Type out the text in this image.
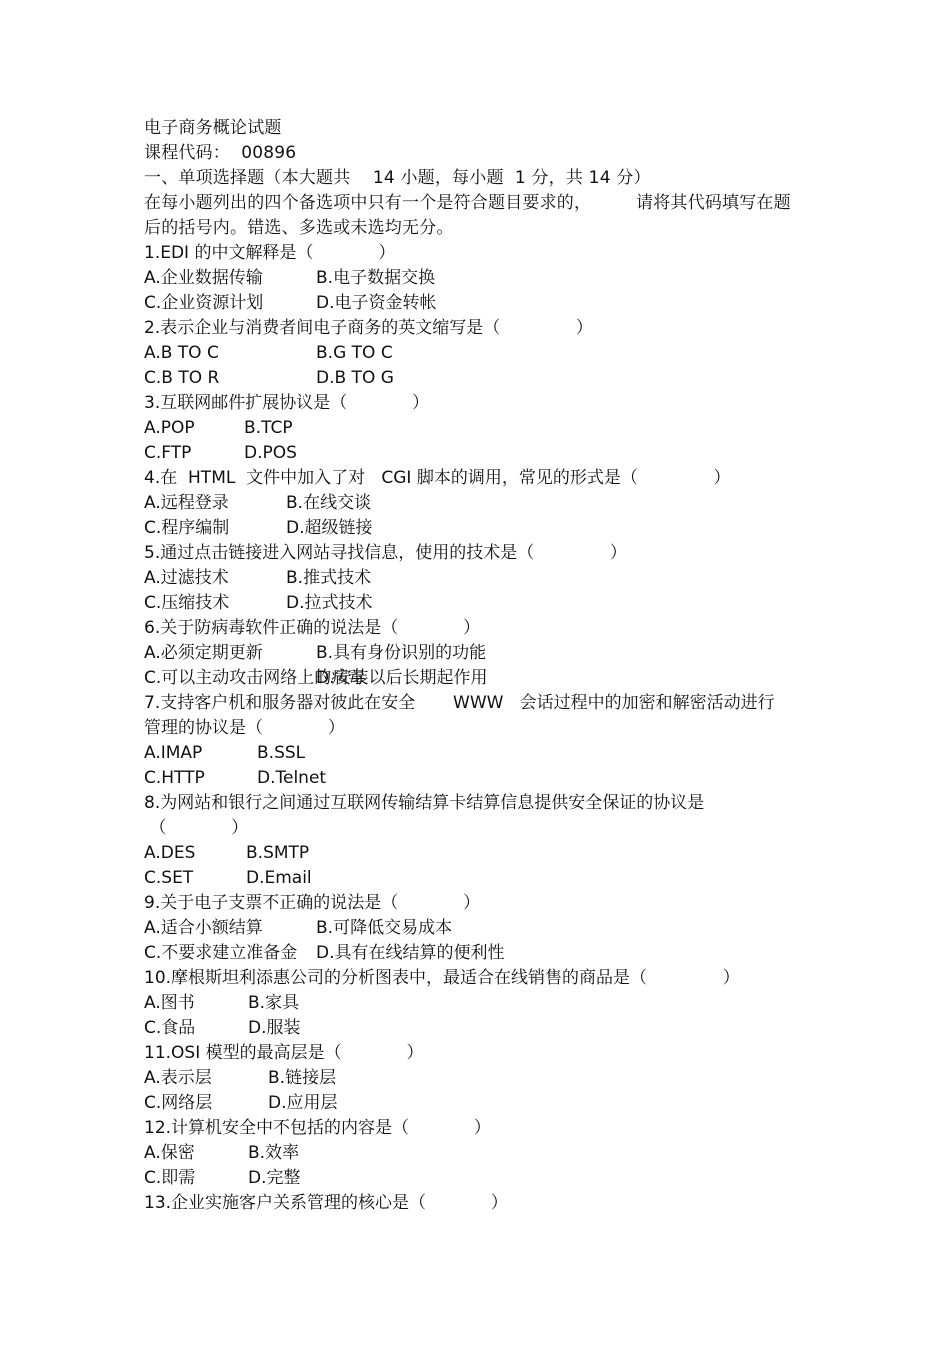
电子商务概论试题
课程代码：  00896
一、单项选择题（本大题共    14 小题，每小题  1 分，共 14 分）
在每小题列出的四个备选项中只有一个是符合题目要求的，        请将其代码填写在题
后的括号内。错选、多选或未选均无分。
1.EDI 的中文解释是（            ）
A.企业数据传输	B.电子数据交换
C.企业资源计划	D.电子资金转帐
2.表示企业与消费者间电子商务的英文缩写是（              ）
A.B TO C	B.G TO C
C.B TO R	D.B TO G
3.互联网邮件扩展协议是（            ）
A.POP	B.TCP
C.FTP	D.POS
4.在  HTML  文件中加入了对   CGI 脚本的调用，常见的形式是（              ）
A.远程登录	B.在线交谈
C.程序编制	D.超级链接
5.通过点击链接进入网站寻找信息，使用的技术是（              ）
A.过滤技术	B.推式技术
C.压缩技术	D.拉式技术
6.关于防病毒软件正确的说法是（            ）
A.必须定期更新	B.具有身份识别的功能
C.可以主动攻击网络上的病毒
D.安装以后长期起作用
7.支持客户机和服务器对彼此在安全       WWW   会话过程中的加密和解密活动进行
管理的协议是（            ）
A.IMAP	B.SSL
C.HTTP	D.Telnet
8.为网站和银行之间通过互联网传输结算卡结算信息提供安全保证的协议是
（            ）
A.DES	B.SMTP
C.SET	D.Email
9.关于电子支票不正确的说法是（            ）
A.适合小额结算	B.可降低交易成本
C.不要求建立准备金	D.具有在线结算的便利性
10.摩根斯坦利添惠公司的分析图表中，最适合在线销售的商品是（              ）
A.图书	B.家具
C.食品	D.服装
11.OSI 模型的最高层是（            ）
A.表示层	B.链接层
C.网络层	D.应用层
12.计算机安全中不包括的内容是（            ）
A.保密	B.效率
C.即需	D.完整
13.企业实施客户关系管理的核心是（            ）
